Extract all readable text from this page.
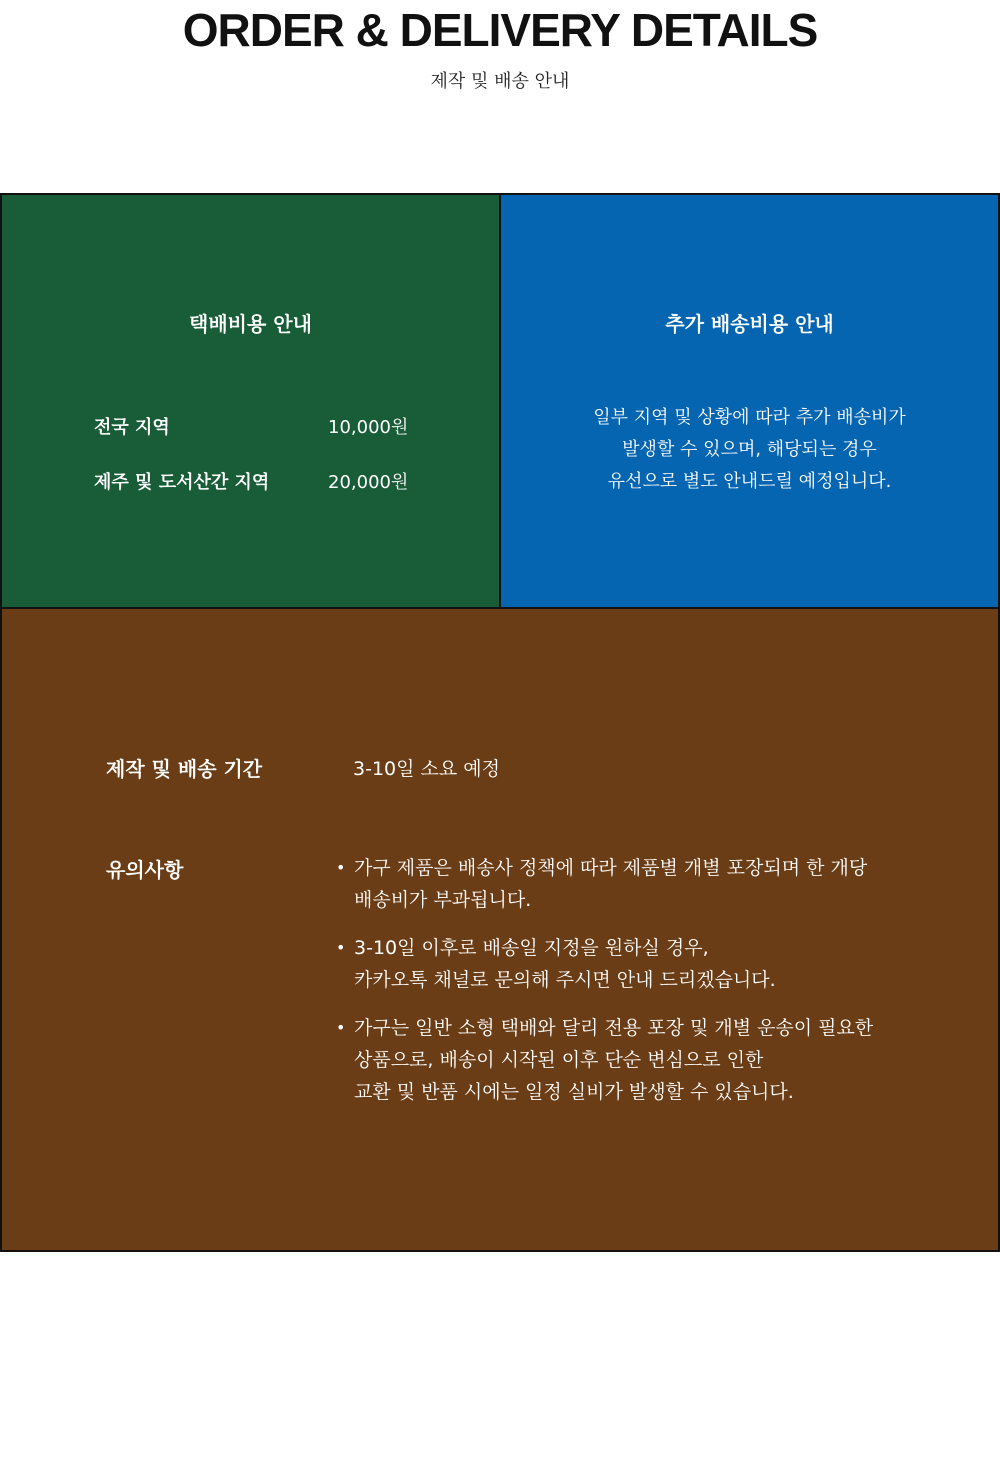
ORDER & DELIVERY DETAILS
제작 및 배송 안내
택배비용 안내
전국 지역	10,000원
제주 및 도서산간 지역	20,000원
추가 배송비용 안내
일부 지역 및 상황에 따라 추가 배송비가
발생할 수 있으며, 해당되는 경우
유선으로 별도 안내드릴 예정입니다.
제작 및 배송 기간	3-10일 소요 예정
유의사항	• 가구 제품은 배송사 정책에 따라 제품별 개별 포장되며 한 개당
배송비가 부과됩니다.
• 3-10일 이후로 배송일 지정을 원하실 경우,
카카오톡 채널로 문의해 주시면 안내 드리겠습니다.
• 가구는 일반 소형 택배와 달리 전용 포장 및 개별 운송이 필요한
상품으로, 배송이 시작된 이후 단순 변심으로 인한
교환 및 반품 시에는 일정 실비가 발생할 수 있습니다.
